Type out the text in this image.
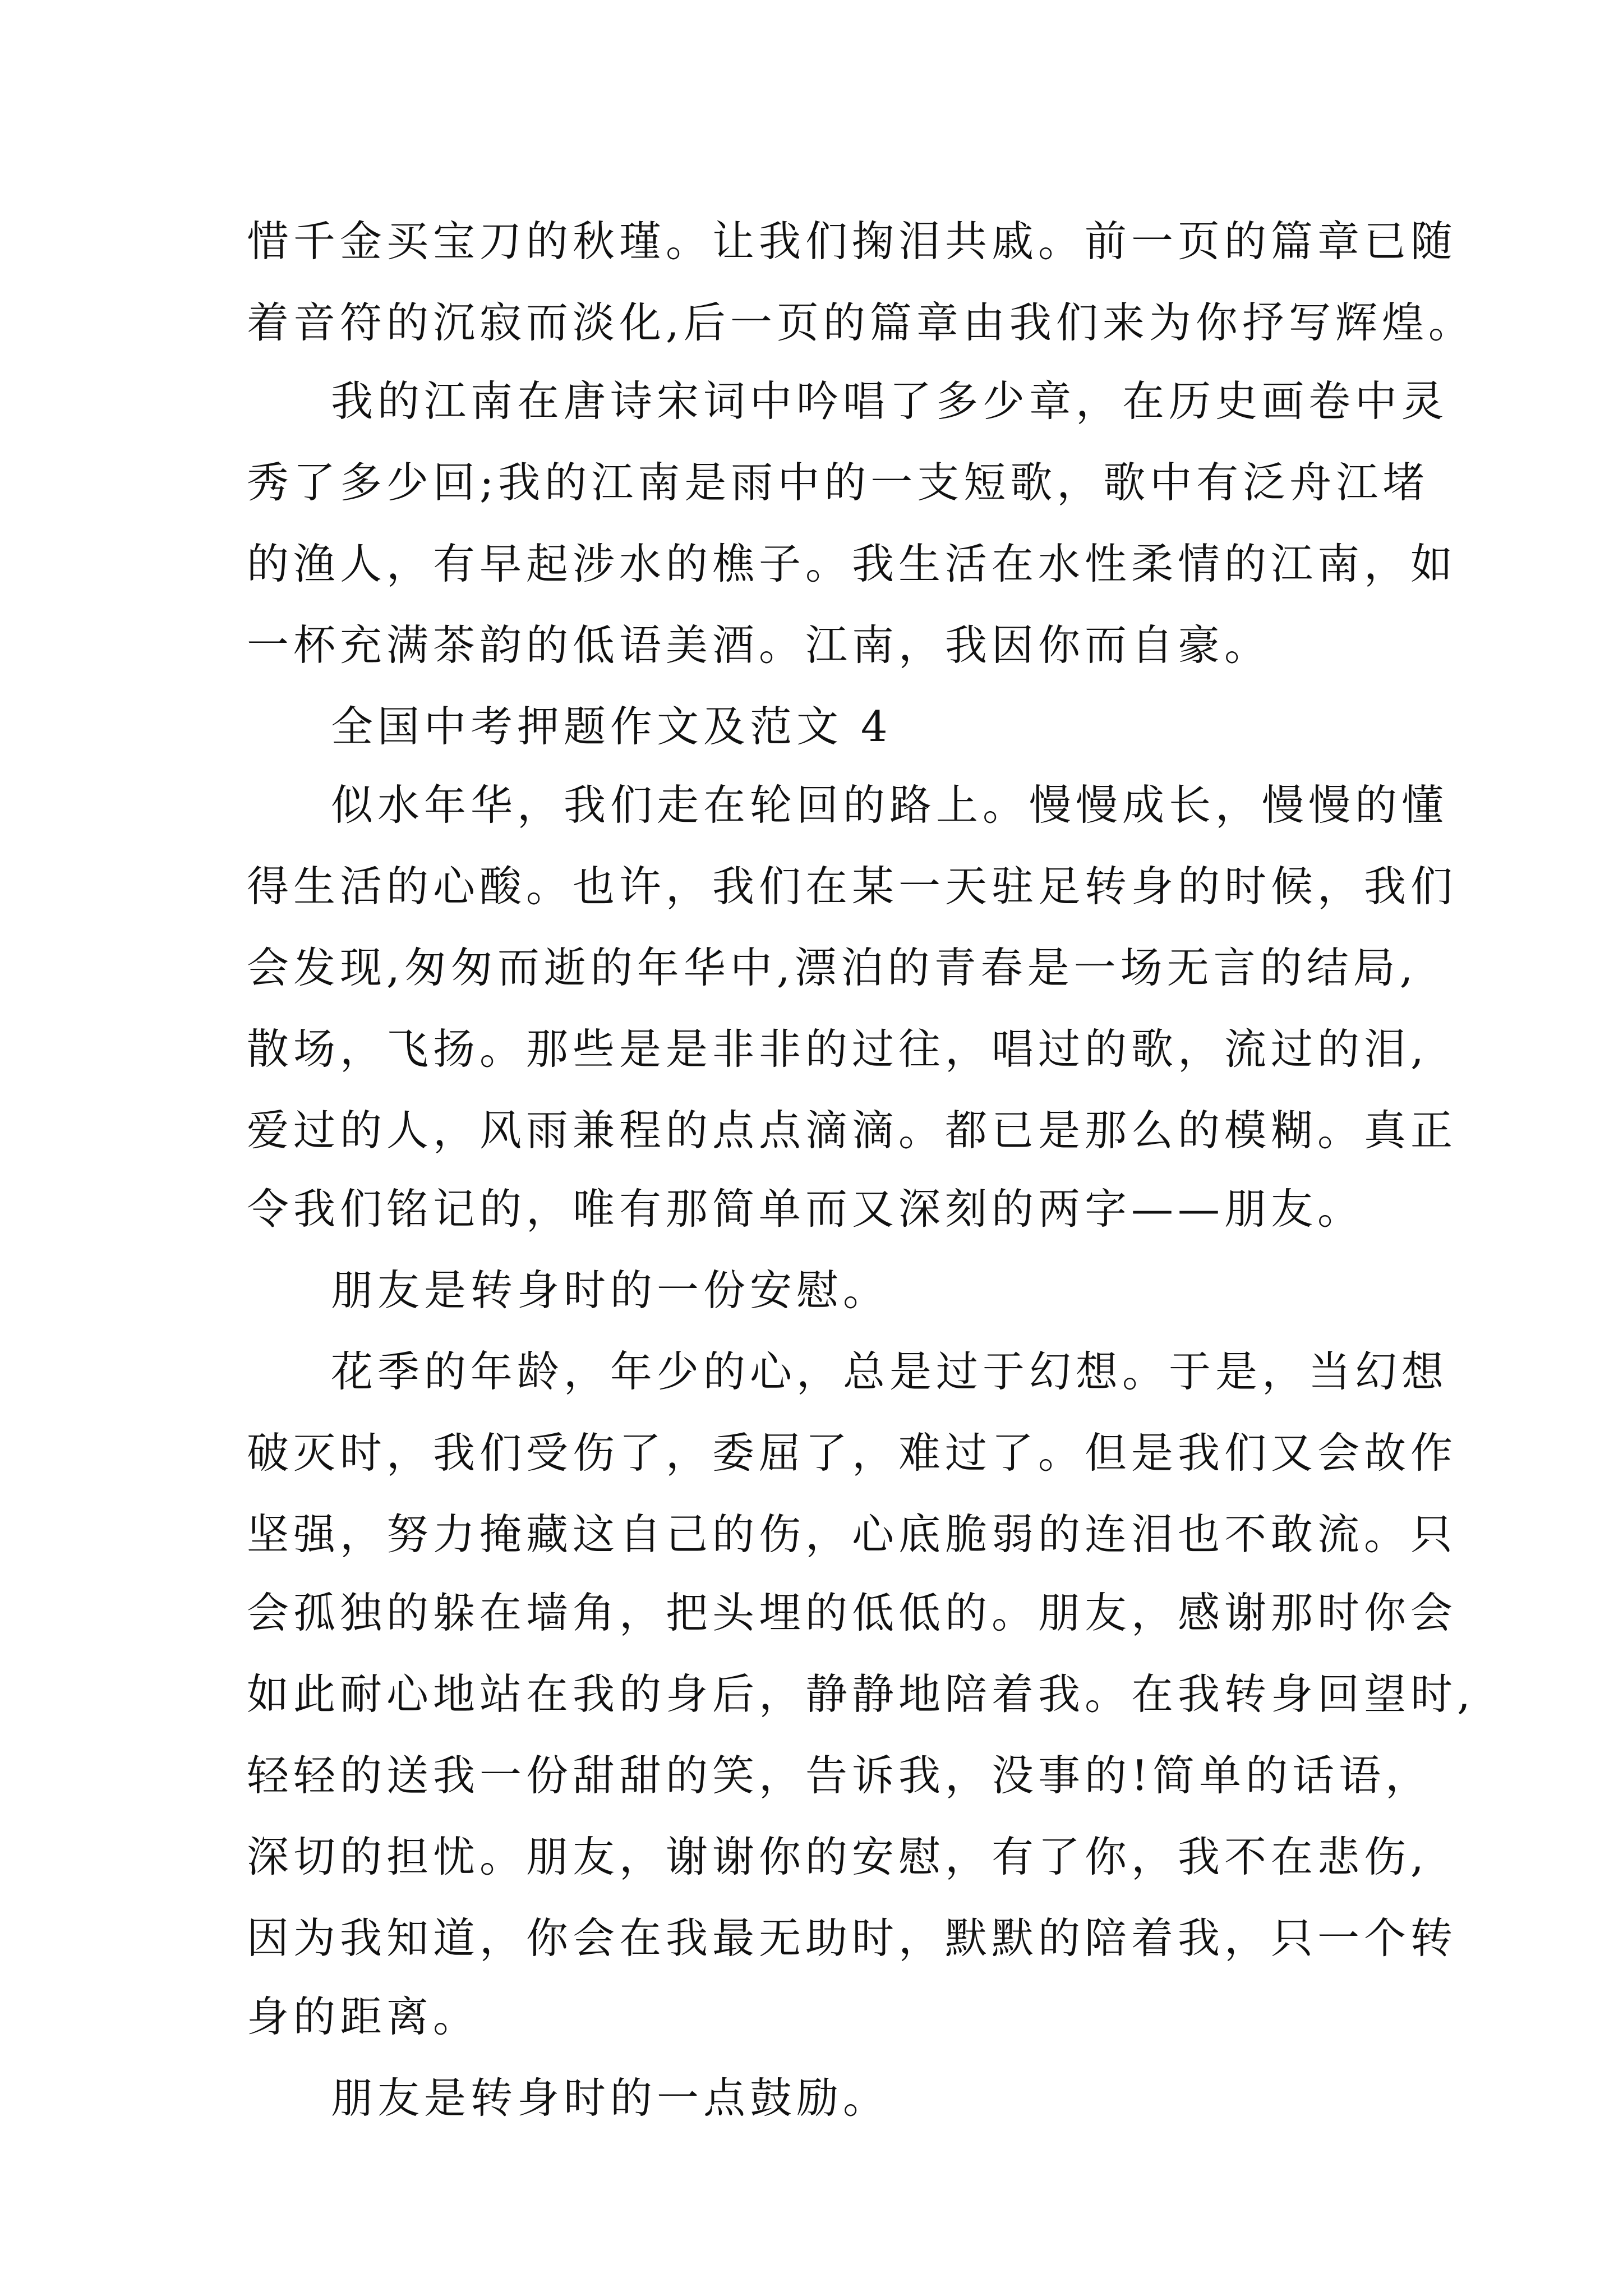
惜千金买宝刀的秋瑾。让我们掬泪共戚。前一页的篇章已随
着音符的沉寂而淡化,后一页的篇章由我们来为你抒写辉煌。
我的江南在唐诗宋词中吟唱了多少章，在历史画卷中灵
秀了多少回;我的江南是雨中的一支短歌，歌中有泛舟江堵
的渔人，有早起涉水的樵子。我生活在水性柔情的江南，如
一杯充满茶韵的低语美酒。江南，我因你而自豪。
全国中考押题作文及范文 4
似水年华，我们走在轮回的路上。慢慢成长，慢慢的懂
得生活的心酸。也许，我们在某一天驻足转身的时候，我们
会发现,匆匆而逝的年华中,漂泊的青春是一场无言的结局,
散场，飞扬。那些是是非非的过往，唱过的歌，流过的泪,
爱过的人，风雨兼程的点点滴滴。都已是那么的模糊。真正
令我们铭记的，唯有那简单而又深刻的两字——朋友。
朋友是转身时的一份安慰。
花季的年龄，年少的心，总是过于幻想。于是，当幻想
破灭时，我们受伤了，委屈了，难过了。但是我们又会故作
坚强，努力掩藏这自己的伤，心底脆弱的连泪也不敢流。只
会孤独的躲在墙角，把头埋的低低的。朋友，感谢那时你会
如此耐心地站在我的身后，静静地陪着我。在我转身回望时,
轻轻的送我一份甜甜的笑，告诉我，没事的!简单的话语，
深切的担忧。朋友，谢谢你的安慰，有了你，我不在悲伤,
因为我知道，你会在我最无助时，默默的陪着我，只一个转
身的距离。
朋友是转身时的一点鼓励。
